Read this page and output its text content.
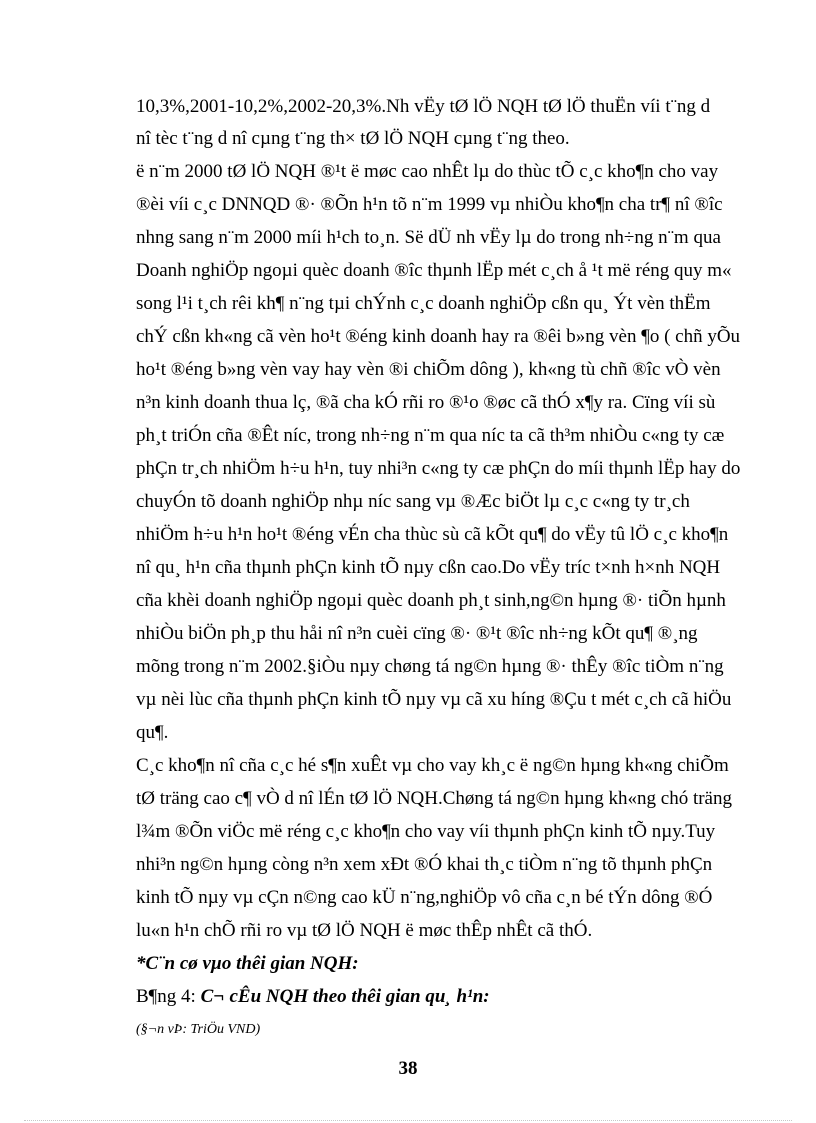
10,3%,2001-10,2%,2002-20,3%.Nh vËy tØ lÖ NQH tØ lÖ thuËn víi t¨ng d
nî tèc t¨ng d nî cµng t¨ng th× tØ lÖ NQH cµng t¨ng theo.
ë n¨m 2000 tØ lÖ NQH ®¹t ë møc cao nhÊt lµ do thùc tÕ c¸c kho¶n cho vay
®èi víi c¸c DNNQD ®· ®Õn h¹n tõ n¨m 1999 vµ nhiÒu kho¶n cha tr¶ nî ®îc
nhng sang n¨m 2000 míi h¹ch to¸n. Së dÜ nh vËy lµ do trong nh÷ng n¨m qua
Doanh nghiÖp ngoµi quèc doanh ®îc thµnh lËp mét c¸ch å ¹t më réng quy m«
song l¹i t¸ch rêi kh¶ n¨ng tµi chÝnh c¸c doanh nghiÖp cßn qu¸ Ýt vèn thËm
chÝ cßn kh«ng cã vèn ho¹t ®éng kinh doanh hay ra ®êi b»ng vèn ¶o ( chñ yÕu
ho¹t ®éng b»ng vèn vay hay vèn ®i chiÕm dông ), kh«ng tù chñ ®îc vÒ vèn
n³n kinh doanh thua lç, ®ã cha kÓ rñi ro ®¹o ®øc cã thÓ x¶y ra. Cïng víi sù
ph¸t triÓn cña ®Êt níc, trong nh÷ng n¨m qua níc ta cã th³m nhiÒu c«ng ty cæ
phÇn tr¸ch nhiÖm h÷u h¹n, tuy nhi³n c«ng ty cæ phÇn do míi thµnh lËp hay do
chuyÓn tõ doanh nghiÖp nhµ níc sang vµ ®Æc biÖt lµ c¸c c«ng ty tr¸ch
nhiÖm h÷u h¹n ho¹t ®éng vÉn cha thùc sù cã kÕt qu¶ do vËy tû lÖ c¸c kho¶n
nî qu¸ h¹n cña thµnh phÇn kinh tÕ nµy cßn cao.Do vËy tríc t×nh h×nh NQH
cña khèi doanh nghiÖp ngoµi quèc doanh ph¸t sinh,ng©n hµng ®· tiÕn hµnh
nhiÒu biÖn ph¸p thu håi nî n³n cuèi cïng ®· ®¹t ®îc nh÷ng kÕt qu¶ ®¸ng
mõng trong n¨m 2002.§iÒu nµy chøng tá ng©n hµng ®· thÊy ®îc tiÒm n¨ng
vµ nèi lùc cña thµnh phÇn kinh tÕ nµy vµ cã xu híng ®Çu t mét c¸ch cã hiÖu
qu¶.
C¸c kho¶n nî cña c¸c hé s¶n xuÊt vµ cho vay kh¸c ë ng©n hµng kh«ng chiÕm
tØ träng cao c¶ vÒ d nî lÉn tØ lÖ NQH.Chøng tá ng©n hµng kh«ng chó träng
l¾m ®Õn viÖc më réng c¸c kho¶n cho vay víi thµnh phÇn kinh tÕ nµy.Tuy
nhi³n ng©n hµng còng n³n xem xÐt ®Ó khai th¸c tiÒm n¨ng tõ thµnh phÇn
kinh tÕ nµy vµ cÇn n©ng cao kÜ n¨ng,nghiÖp vô cña c¸n bé tÝn dông ®Ó
lu«n h¹n chÕ rñi ro vµ tØ lÖ NQH ë møc thÊp nhÊt cã thÓ.
*C¨n cø vµo thêi gian NQH:
B¶ng 4: C¬ cÊu NQH theo thêi gian qu¸ h¹n:
(§¬n vÞ: TriÖu VND)
38
